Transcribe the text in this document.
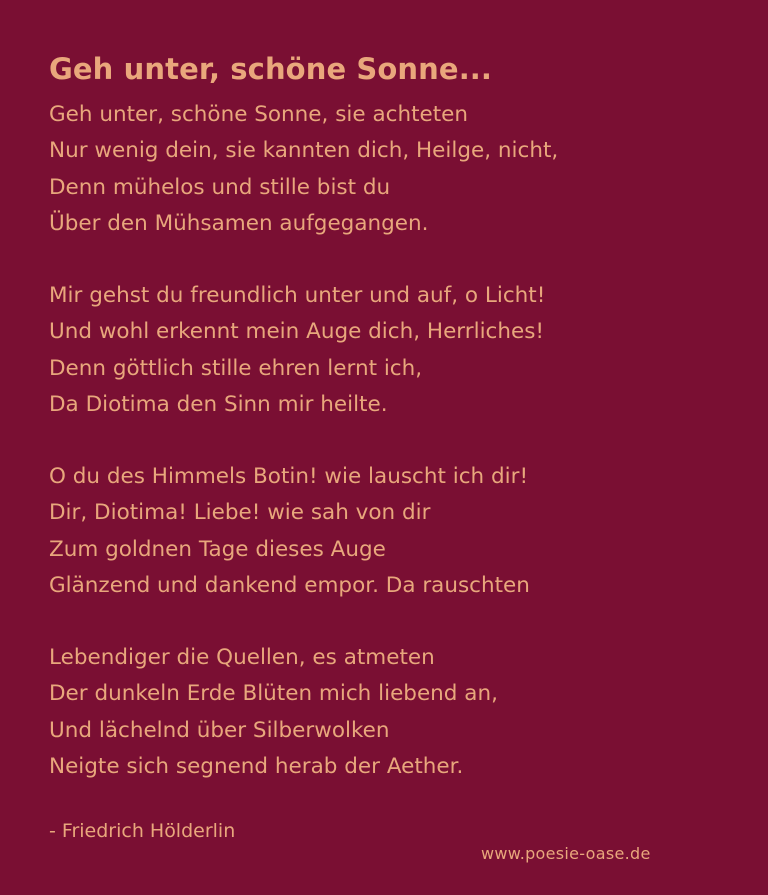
Geh unter, schöne Sonne...
Geh unter, schöne Sonne, sie achteten
Nur wenig dein, sie kannten dich, Heilge, nicht,
Denn mühelos und stille bist du
Über den Mühsamen aufgegangen.
Mir gehst du freundlich unter und auf, o Licht!
Und wohl erkennt mein Auge dich, Herrliches!
Denn göttlich stille ehren lernt ich,
Da Diotima den Sinn mir heilte.
O du des Himmels Botin! wie lauscht ich dir!
Dir, Diotima! Liebe! wie sah von dir
Zum goldnen Tage dieses Auge
Glänzend und dankend empor. Da rauschten
Lebendiger die Quellen, es atmeten
Der dunkeln Erde Blüten mich liebend an,
Und lächelnd über Silberwolken
Neigte sich segnend herab der Aether.
- Friedrich Hölderlin
www.poesie-oase.de
